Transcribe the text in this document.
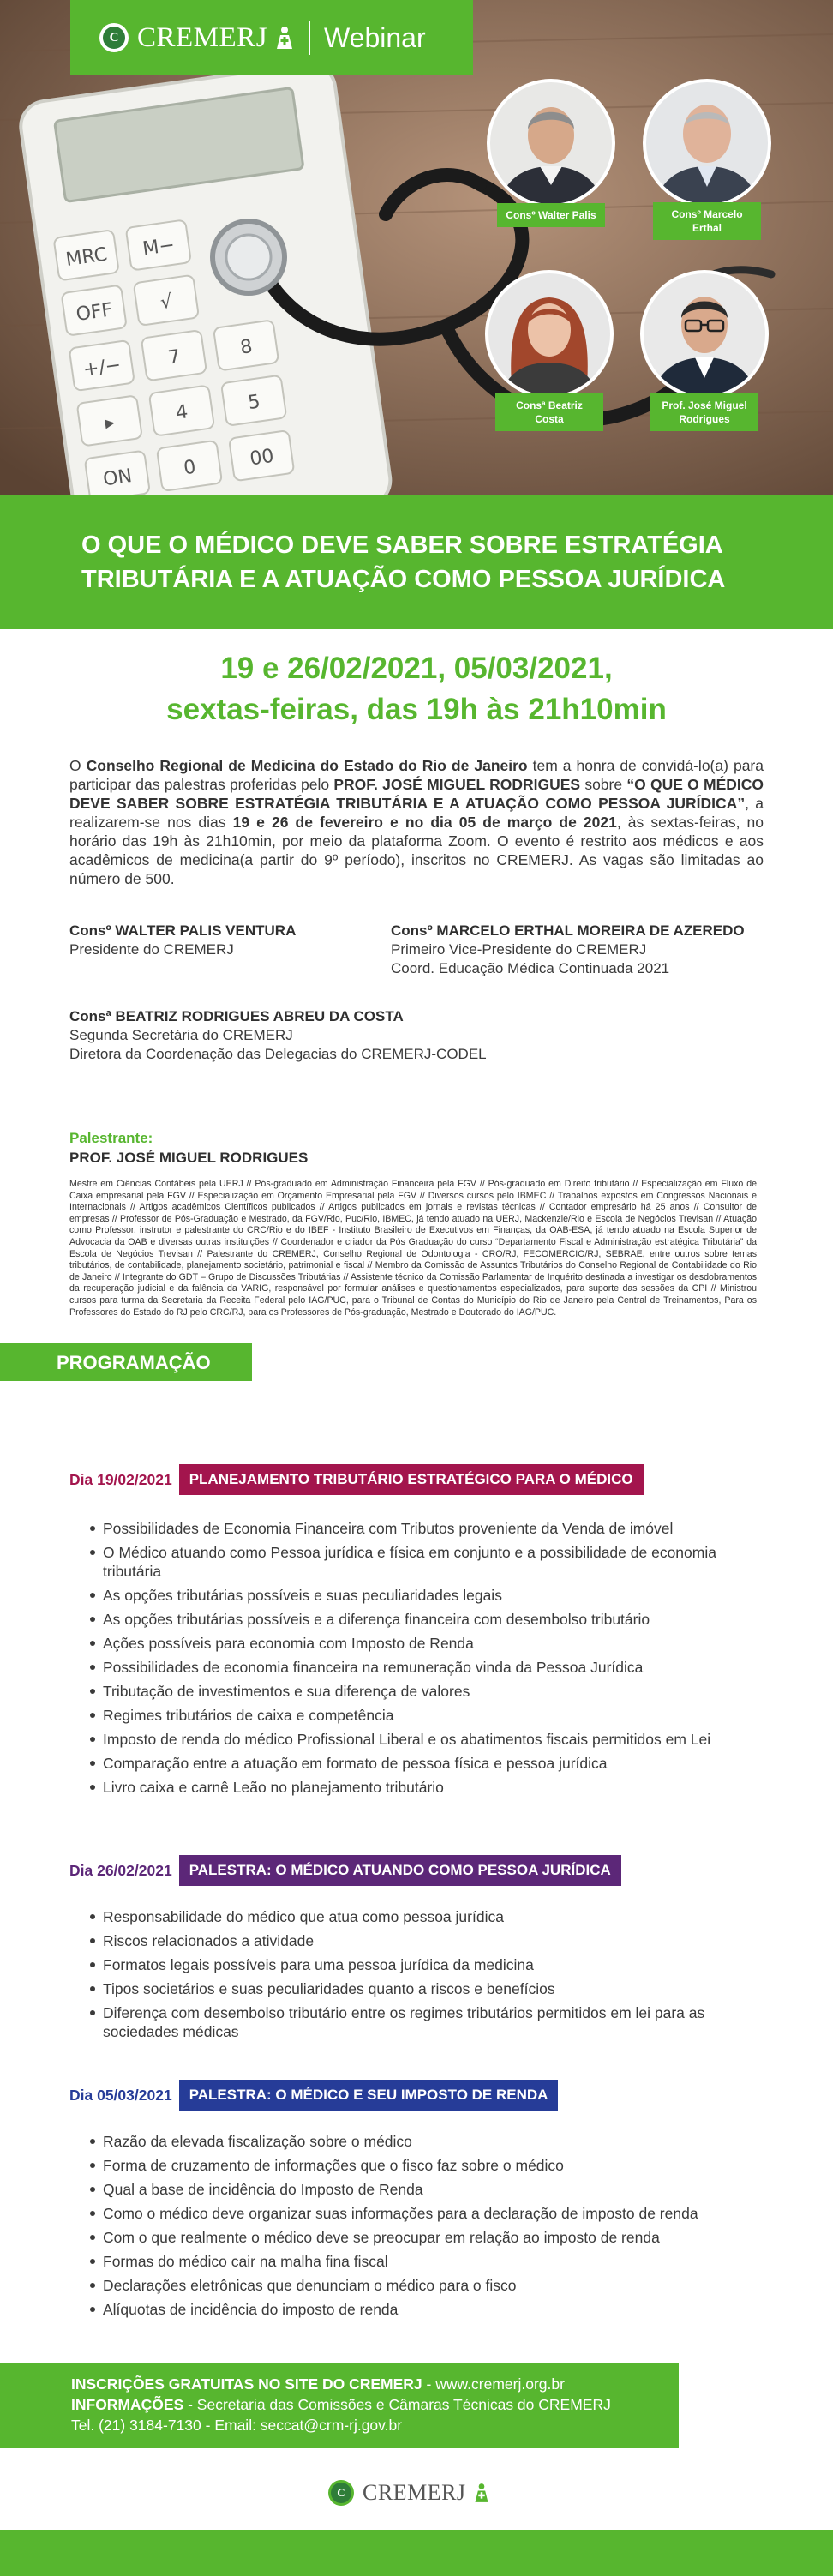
MRC M−
OFF √
+/− 7	8
▸	4	5
ON	0	00
C CREMERJ Webinar
Consº Walter Palis	Consº Marcelo
Erthal
Consª Beatriz
Costa
Prof. José Miguel
Rodrigues
O QUE O MÉDICO DEVE SABER SOBRE ESTRATÉGIA
TRIBUTÁRIA E A ATUAÇÃO COMO PESSOA JURÍDICA
19 e 26/02/2021, 05/03/2021,
sextas-feiras, das 19h às 21h10min

O Conselho Regional de Medicina do Estado do Rio de Janeiro tem a honra de convidá-lo(a) para participar das palestras proferidas pelo PROF. JOSÉ MIGUEL RODRIGUES sobre “O QUE O MÉDICO DEVE SABER SOBRE ESTRATÉGIA TRIBUTÁRIA E A ATUAÇÃO COMO PESSOA JURÍDICA”, a realizarem-se nos dias 19 e 26 de fevereiro e no dia 05 de março de 2021, às sextas-feiras, no horário das 19h às 21h10min, por meio da plataforma Zoom. O evento é restrito aos médicos e aos acadêmicos de medicina(a partir do 9º período), inscritos no CREMERJ. As vagas são limitadas ao número de 500.

Consº WALTER PALIS VENTURA
Presidente do CREMERJ
Consº MARCELO ERTHAL MOREIRA DE AZEREDO
Primeiro Vice-Presidente do CREMERJ
Coord. Educação Médica Continuada 2021
Consª BEATRIZ RODRIGUES ABREU DA COSTA
Segunda Secretária do CREMERJ
Diretora da Coordenação das Delegacias do CREMERJ-CODEL
Palestrante:
PROF. JOSÉ MIGUEL RODRIGUES

Mestre em Ciências Contábeis pela UERJ // Pós-graduado em Administração Financeira pela FGV // Pós-graduado em Direito tributário // Especialização em Fluxo de Caixa empresarial pela FGV // Especialização em Orçamento Empresarial pela FGV // Diversos cursos pelo IBMEC // Trabalhos expostos em Congressos Nacionais e Internacionais // Artigos acadêmicos Científicos publicados // Artigos publicados em jornais e revistas técnicas // Contador empresário há 25 anos // Consultor de empresas // Professor de Pós-Graduação e Mestrado, da FGV/Rio, Puc/Rio, IBMEC, já tendo atuado na UERJ, Mackenzie/Rio e Escola de Negócios Trevisan // Atuação como Professor, instrutor e palestrante do CRC/Rio e do IBEF - Instituto Brasileiro de Executivos em Finanças, da OAB-ESA, já tendo atuado na Escola Superior de Advocacia da OAB e diversas outras instituições // Coordenador e criador da Pós Graduação do curso “Departamento Fiscal e Administração estratégica Tributária” da Escola de Negócios Trevisan // Palestrante do CREMERJ, Conselho Regional de Odontologia - CRO/RJ, FECOMERCIO/RJ, SEBRAE, entre outros sobre temas tributários, de contabilidade, planejamento societário, patrimonial e fiscal // Membro da Comissão de Assuntos Tributários do Conselho Regional de Contabilidade do Rio de Janeiro // Integrante do GDT – Grupo de Discussões Tributárias // Assistente técnico da Comissão Parlamentar de Inquérito destinada a investigar os desdobramentos da recuperação judicial e da falência da VARIG, responsável por formular análises e questionamentos especializados, para suporte das sessões da CPI // Ministrou cursos para turma da Secretaria da Receita Federal pelo IAG/PUC, para o Tribunal de Contas do Município do Rio de Janeiro pela Central de Treinamentos, Para os Professores do Estado do RJ pelo CRC/RJ, para os Professores de Pós-graduação, Mestrado e Doutorado do IAG/PUC.

PROGRAMAÇÃO
Dia 19/02/2021	PLANEJAMENTO TRIBUTÁRIO ESTRATÉGICO PARA O MÉDICO
Possibilidades de Economia Financeira com Tributos proveniente da Venda de imóvel
O Médico atuando como Pessoa jurídica e física em conjunto e a possibilidade de economia tributária
As opções tributárias possíveis e suas peculiaridades legais
As opções tributárias possíveis e a diferença financeira com desembolso tributário
Ações possíveis para economia com Imposto de Renda
Possibilidades de economia financeira na remuneração vinda da Pessoa Jurídica
Tributação de investimentos e sua diferença de valores
Regimes tributários de caixa e competência
Imposto de renda do médico Profissional Liberal e os abatimentos fiscais permitidos em Lei
Comparação entre a atuação em formato de pessoa física e pessoa jurídica
Livro caixa e carnê Leão no planejamento tributário
Dia 26/02/2021	PALESTRA: O MÉDICO ATUANDO COMO PESSOA JURÍDICA
Responsabilidade do médico que atua como pessoa jurídica
Riscos relacionados a atividade
Formatos legais possíveis para uma pessoa jurídica da medicina
Tipos societários e suas peculiaridades quanto a riscos e benefícios
Diferença com desembolso tributário entre os regimes tributários permitidos em lei para as sociedades médicas
Dia 05/03/2021	PALESTRA: O MÉDICO E SEU IMPOSTO DE RENDA
Razão da elevada fiscalização sobre o médico
Forma de cruzamento de informações que o fisco faz sobre o médico
Qual a base de incidência do Imposto de Renda
Como o médico deve organizar suas informações para a declaração de imposto de renda
Com o que realmente o médico deve se preocupar em relação ao imposto de renda
Formas do médico cair na malha fina fiscal
Declarações eletrônicas que denunciam o médico para o fisco
Alíquotas de incidência do imposto de renda
INSCRIÇÕES GRATUITAS NO SITE DO CREMERJ - www.cremerj.org.br
INFORMAÇÕES - Secretaria das Comissões e Câmaras Técnicas do CREMERJ
Tel. (21) 3184-7130 - Email: seccat@crm-rj.gov.br
C CREMERJ
